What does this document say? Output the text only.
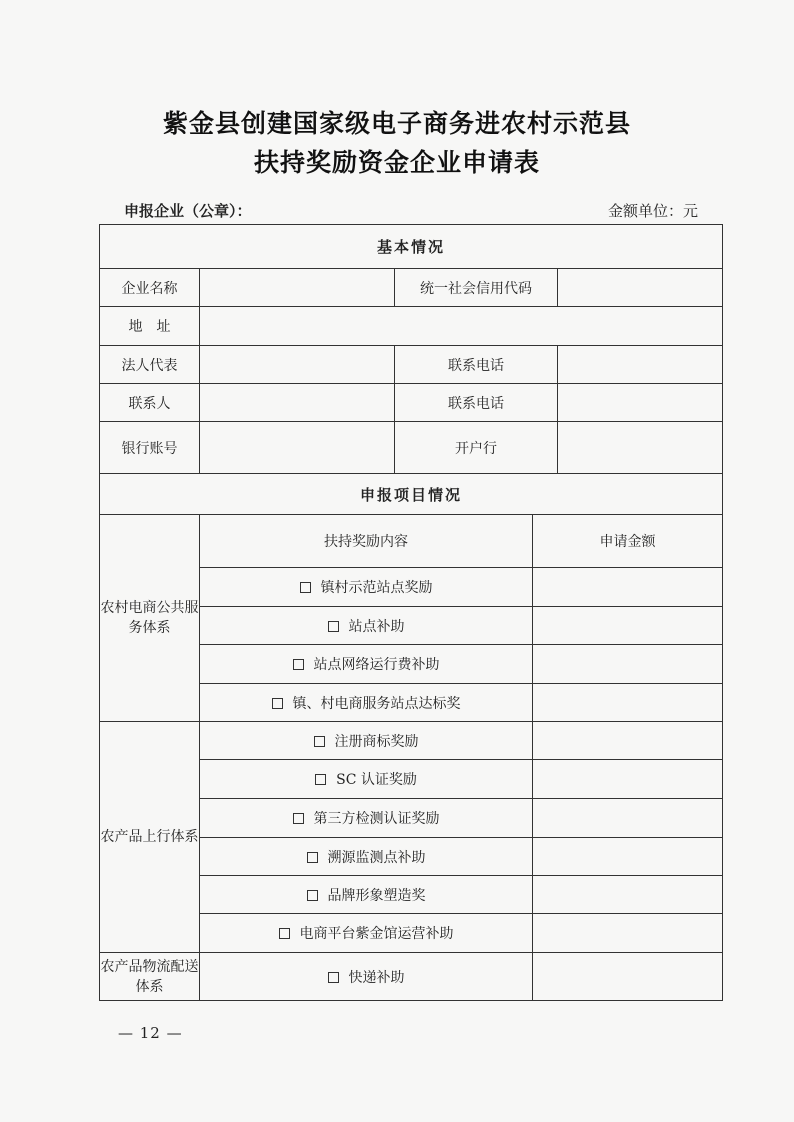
紫金县创建国家级电子商务进农村示范县
扶持奖励资金企业申请表
申报企业（公章）：	金额单位：元
基本情况				
企业名称		统一社会信用代码		
地　址				
法人代表		联系电话		
联系人		联系电话		
银行账号		开户行		
申报项目情况				
农村电商公共服务体系	扶持奖励内容		申请金额	
	镇村示范站点奖励			
	站点补助			
	站点网络运行费补助			
	镇、村电商服务站点达标奖			
农产品上行体系	注册商标奖励			
	SC 认证奖励			
	第三方检测认证奖励			
	溯源监测点补助			
	品牌形象塑造奖			
	电商平台紫金馆运营补助			
农产品物流配送体系	快递补助			
— 12 —
